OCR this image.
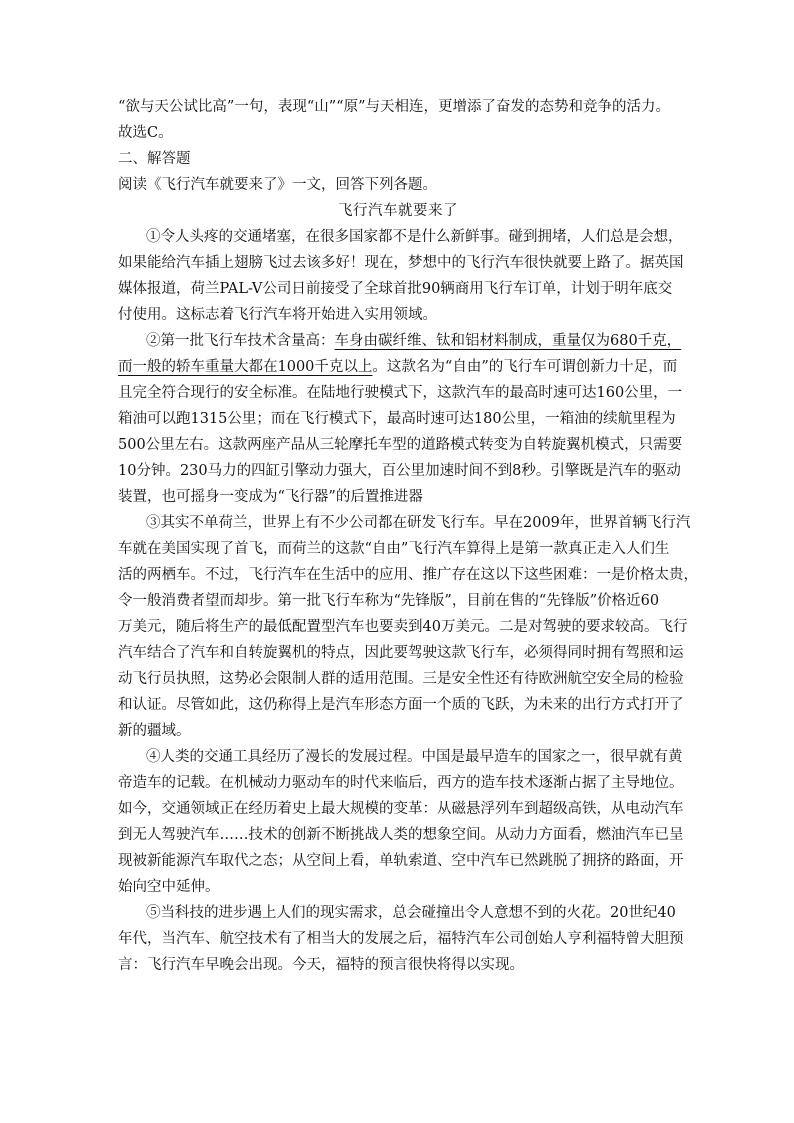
“欲与天公试比高”一句，表现“山”“原”与天相连，更增添了奋发的态势和竞争的活力。
故选C。
二、解答题
阅读《飞行汽车就要来了》一文，回答下列各题。
飞行汽车就要来了
①令人头疼的交通堵塞，在很多国家都不是什么新鲜事。碰到拥堵，人们总是会想，
如果能给汽车插上翅膀飞过去该多好！现在，梦想中的飞行汽车很快就要上路了。据英国
媒体报道，荷兰PAL-V公司日前接受了全球首批90辆商用飞行车订单，计划于明年底交
付使用。这标志着飞行汽车将开始进入实用领域。
②第一批飞行车技术含量高：车身由碳纤维、钛和铝材料制成，重量仅为680千克，
而一般的轿车重量大都在1000千克以上。这款名为“自由”的飞行车可谓创新力十足，而
且完全符合现行的安全标准。在陆地行驶模式下，这款汽车的最高时速可达160公里，一
箱油可以跑1315公里；而在飞行模式下，最高时速可达180公里，一箱油的续航里程为
500公里左右。这款两座产品从三轮摩托车型的道路模式转变为自转旋翼机模式，只需要
10分钟。230马力的四缸引擎动力强大，百公里加速时间不到8秒。引擎既是汽车的驱动
装置，也可摇身一变成为“飞行器”的后置推进器
③其实不单荷兰，世界上有不少公司都在研发飞行车。早在2009年，世界首辆飞行汽
车就在美国实现了首飞，而荷兰的这款“自由”飞行汽车算得上是第一款真正走入人们生
活的两栖车。不过，飞行汽车在生活中的应用、推广存在这以下这些困难：一是价格太贵，
令一般消费者望而却步。第一批飞行车称为“先锋版”，目前在售的“先锋版”价格近60
万美元，随后将生产的最低配置型汽车也要卖到40万美元。二是对驾驶的要求较高。飞行
汽车结合了汽车和自转旋翼机的特点，因此要驾驶这款飞行车，必须得同时拥有驾照和运
动飞行员执照，这势必会限制人群的适用范围。三是安全性还有待欧洲航空安全局的检验
和认证。尽管如此，这仍称得上是汽车形态方面一个质的飞跃，为未来的出行方式打开了
新的疆域。
④人类的交通工具经历了漫长的发展过程。中国是最早造车的国家之一，很早就有黄
帝造车的记载。在机械动力驱动车的时代来临后，西方的造车技术逐渐占据了主导地位。
如今，交通领域正在经历着史上最大规模的变革：从磁悬浮列车到超级高铁，从电动汽车
到无人驾驶汽车……技术的创新不断挑战人类的想象空间。从动力方面看，燃油汽车已呈
现被新能源汽车取代之态；从空间上看，单轨索道、空中汽车已然跳脱了拥挤的路面，开
始向空中延伸。
⑤当科技的进步遇上人们的现实需求，总会碰撞出令人意想不到的火花。20世纪40
年代，当汽车、航空技术有了相当大的发展之后，福特汽车公司创始人亨利福特曾大胆预
言：飞行汽车早晚会出现。今天，福特的预言很快将得以实现。
